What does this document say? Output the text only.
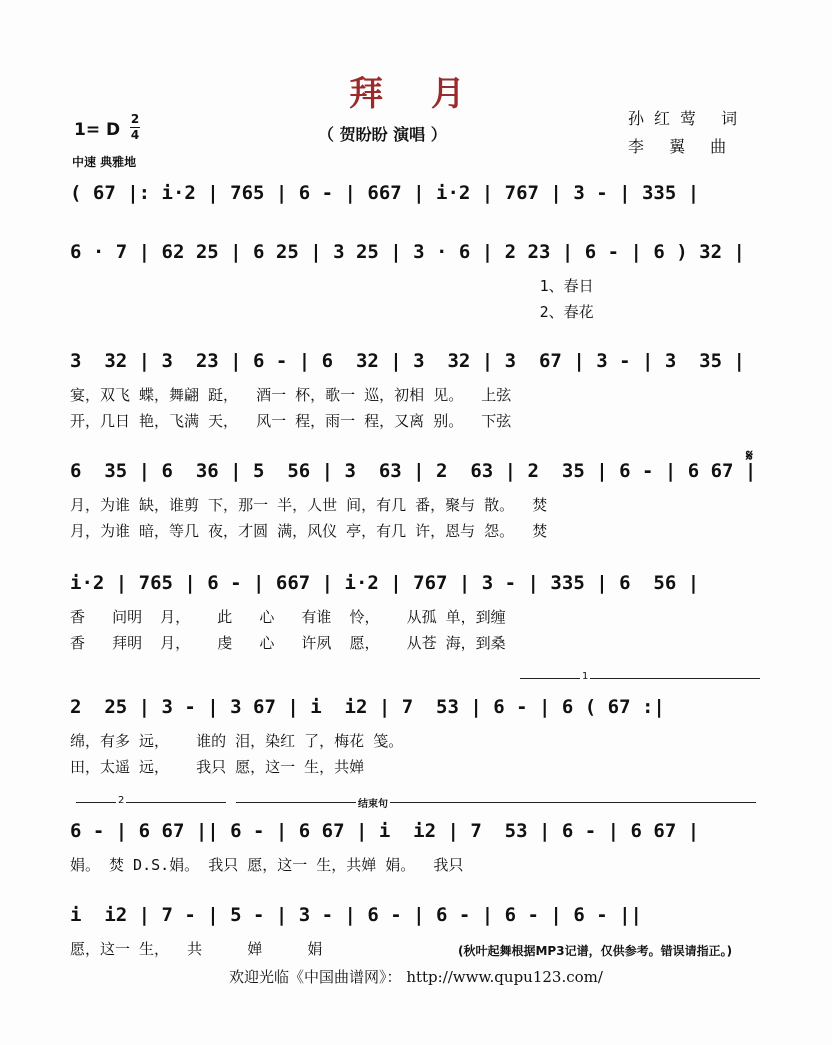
拜 月
（ 贺盼盼 演唱 ）
孙红莺 词
李 翼 曲
1= D
2
4
中速 典雅地
( 67 |: i·2 | 765 | 6 - | 667 | i·2 | 767 | 3 - | 335 |
6 · 7 | 62 25 | 6 25 | 3 25 | 3 · 6 | 2 23 | 6 - | 6 ) 32 |
1、春日
2、春花
3  32 | 3  23 | 6 - | 6  32 | 3  32 | 3  67 | 3 - | 3  35 |
宴，双飞 蝶，舞翩 跹，  酒一 杯，歌一 巡，初相 见。  上弦
开，几日 艳，飞满 天，  风一 程，雨一 程，又离 别。  下弦
6  35 | 6  36 | 5  56 | 3  63 | 2  63 | 2  35 | 6 - | 6 67 |
月，为谁 缺，谁剪 下，那一 半，人世 间，有几 番，聚与 散。  焚
月，为谁 暗，等几 夜，才圆 满，风仪 亭，有几 许，恩与 怨。  焚
𝄋
i·2 | 765 | 6 - | 667 | i·2 | 767 | 3 - | 335 | 6  56 |
香   问明  月，   此   心   有谁  怜，   从孤 单，到缠
香   拜明  月，   虔   心   许夙  愿，   从苍 海，到桑
1
2  25 | 3 - | 3 67 | i  i2 | 7  53 | 6 - | 6 ( 67 :|
绵，有多 远，   谁的 泪，染红 了，梅花 笺。
田，太遥 远，   我只 愿，这一 生，共婵
2	结束句
6 - | 6 67 || 6 - | 6 67 | i  i2 | 7  53 | 6 - | 6 67 |
娟。 焚 D.S.娟。 我只 愿，这一 生，共婵 娟。  我只
i  i2 | 7 - | 5 - | 3 - | 6 - | 6 - | 6 - | 6 - ||
愿，这一 生，  共     婵     娟	(秋叶起舞根据MP3记谱，仅供参考。错误请指正。)
欢迎光临《中国曲谱网》： http://www.qupu123.com/
